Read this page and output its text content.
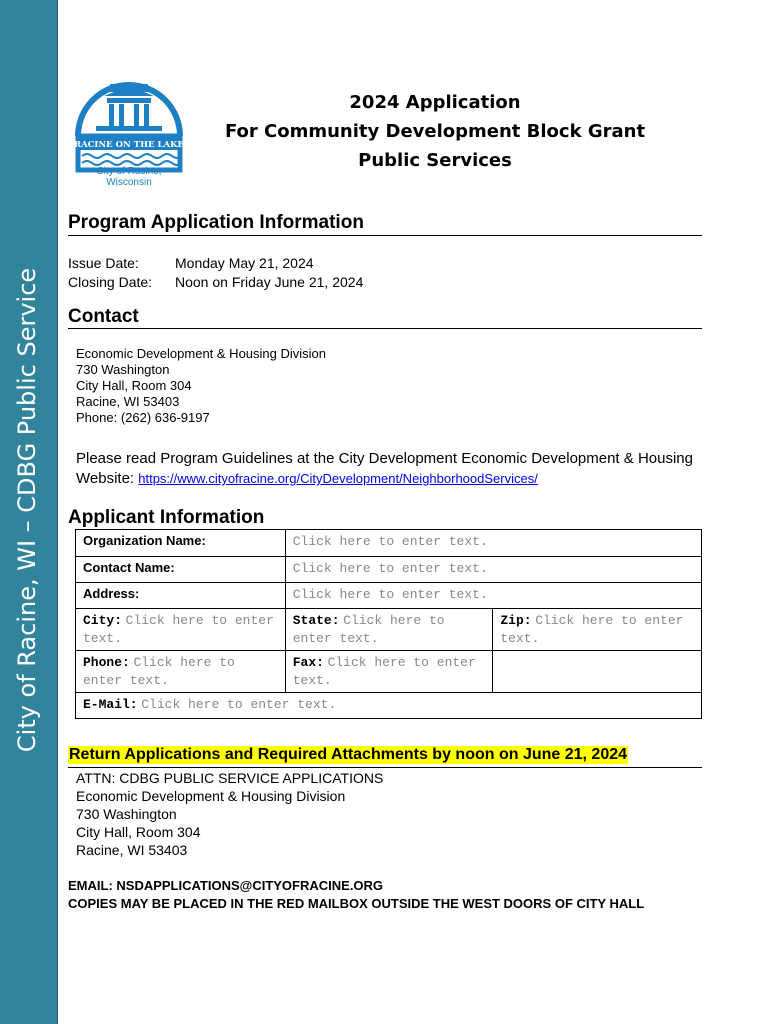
City of Racine, WI – CDBG Public Service
RACINE ON THE LAKE
City of Racine, Wisconsin
2024 Application
For Community Development Block Grant
Public Services
Program Application Information
Issue Date:	Monday May 21, 2024
Closing Date: Noon on Friday June 21, 2024
Contact
Economic Development & Housing Division
730 Washington
City Hall, Room 304
Racine, WI 53403
Phone: (262) 636-9197
Please read Program Guidelines at the City Development Economic Development & Housing Website: https://www.cityofracine.org/CityDevelopment/NeighborhoodServices/
Applicant Information
Organization Name:	Click here to enter text.	
Contact Name:	Click here to enter text.	
Address:	Click here to enter text.	
City: Click here to enter text.	State: Click here to enter text.	Zip: Click here to enter text.
Phone: Click here to enter text.	Fax: Click here to enter text.	
E-Mail: Click here to enter text.		
Return Applications and Required Attachments by noon on June 21, 2024
ATTN: CDBG PUBLIC SERVICE APPLICATIONS
Economic Development & Housing Division
730 Washington
City Hall, Room 304
Racine, WI 53403
EMAIL: NSDAPPLICATIONS@CITYOFRACINE.ORG
COPIES MAY BE PLACED IN THE RED MAILBOX OUTSIDE THE WEST DOORS OF CITY HALL
